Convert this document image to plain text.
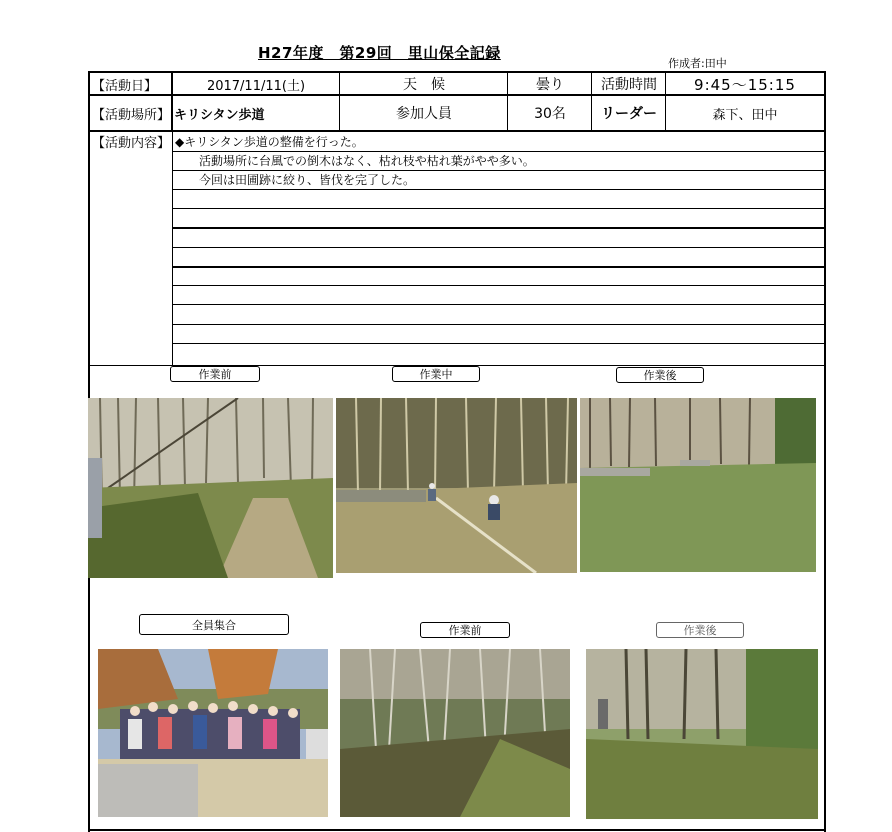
H27年度　第29回　里山保全記録
作成者:田中
【活動日】	2017/11/11(土)	天　候	曇り	活動時間	9:45〜15:15
【活動場所】 キリシタン歩道	参加人員	30名	リーダー	森下、田中
【活動内容】 ◆キリシタン歩道の整備を行った。
　　活動場所に台風での倒木はなく、枯れ枝や枯れ葉がやや多い。
　　今回は田圃跡に絞り、皆伐を完了した。
作業前	作業中	作業後
全員集合	作業前	作業後
